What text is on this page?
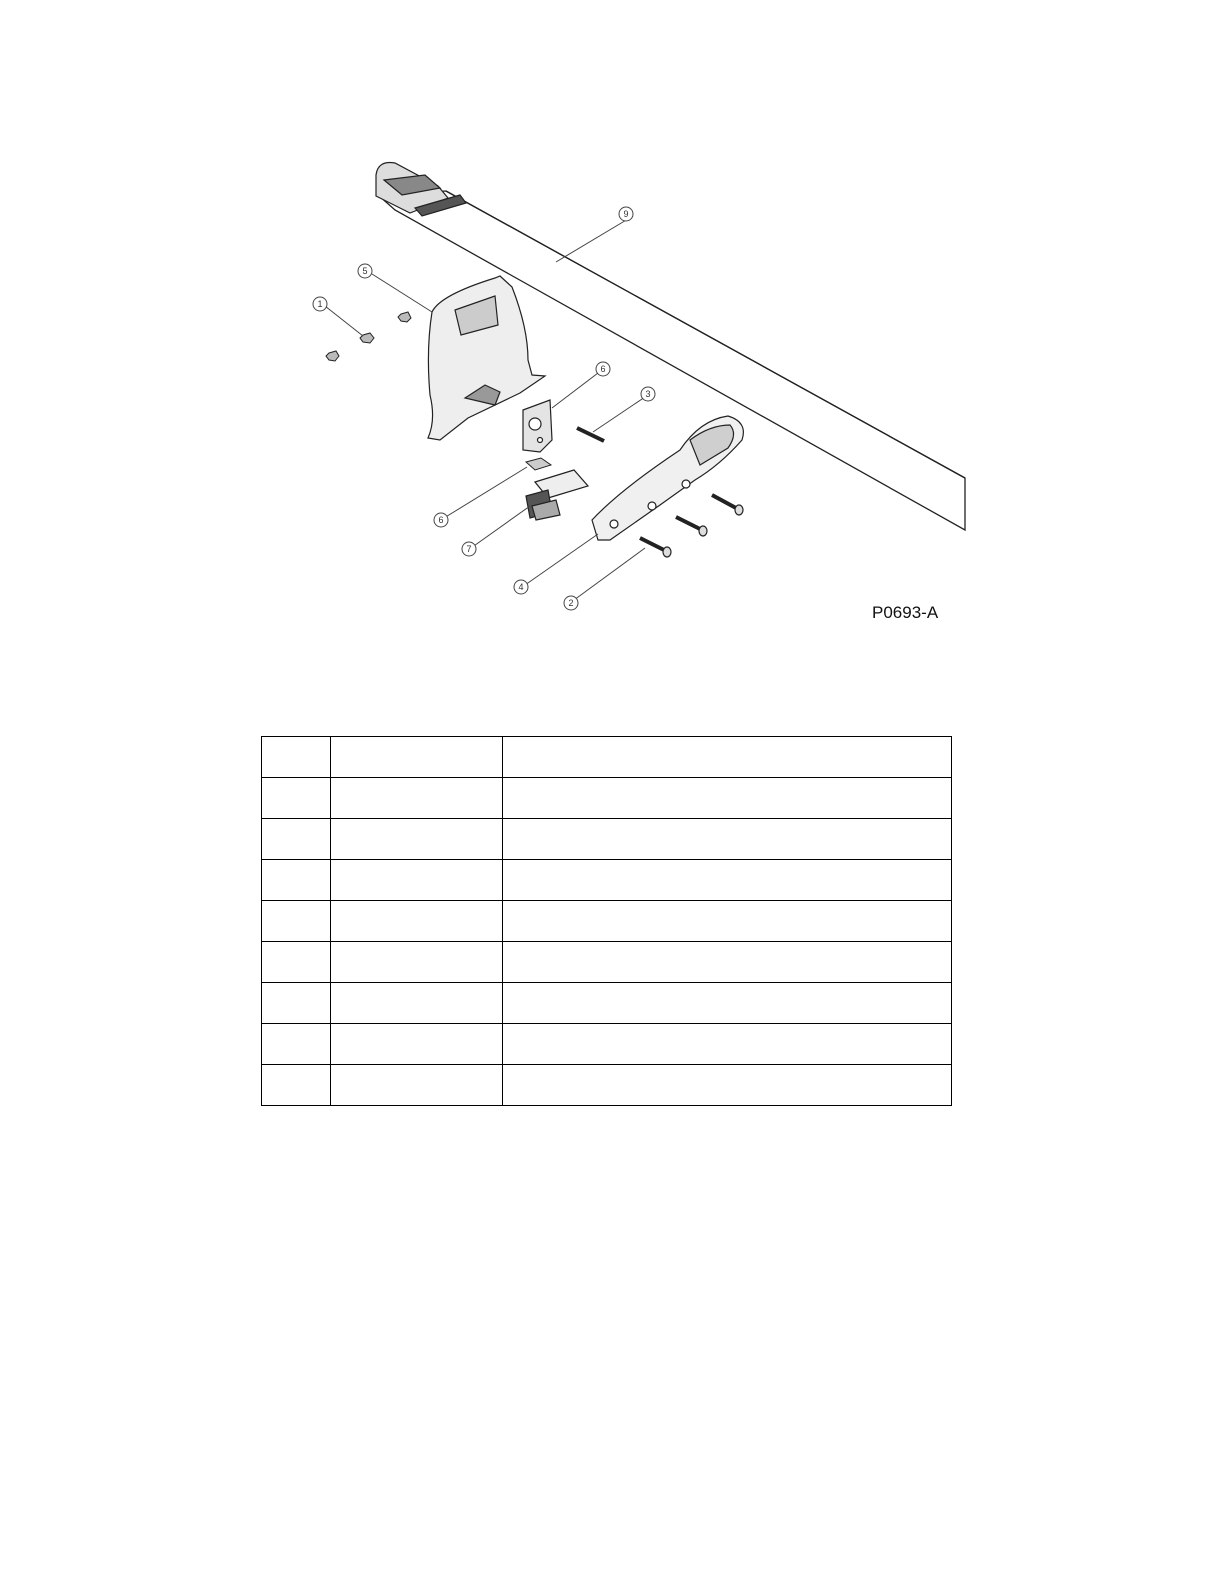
9
5
1
6
3
6
7
4
2	P0693-A
